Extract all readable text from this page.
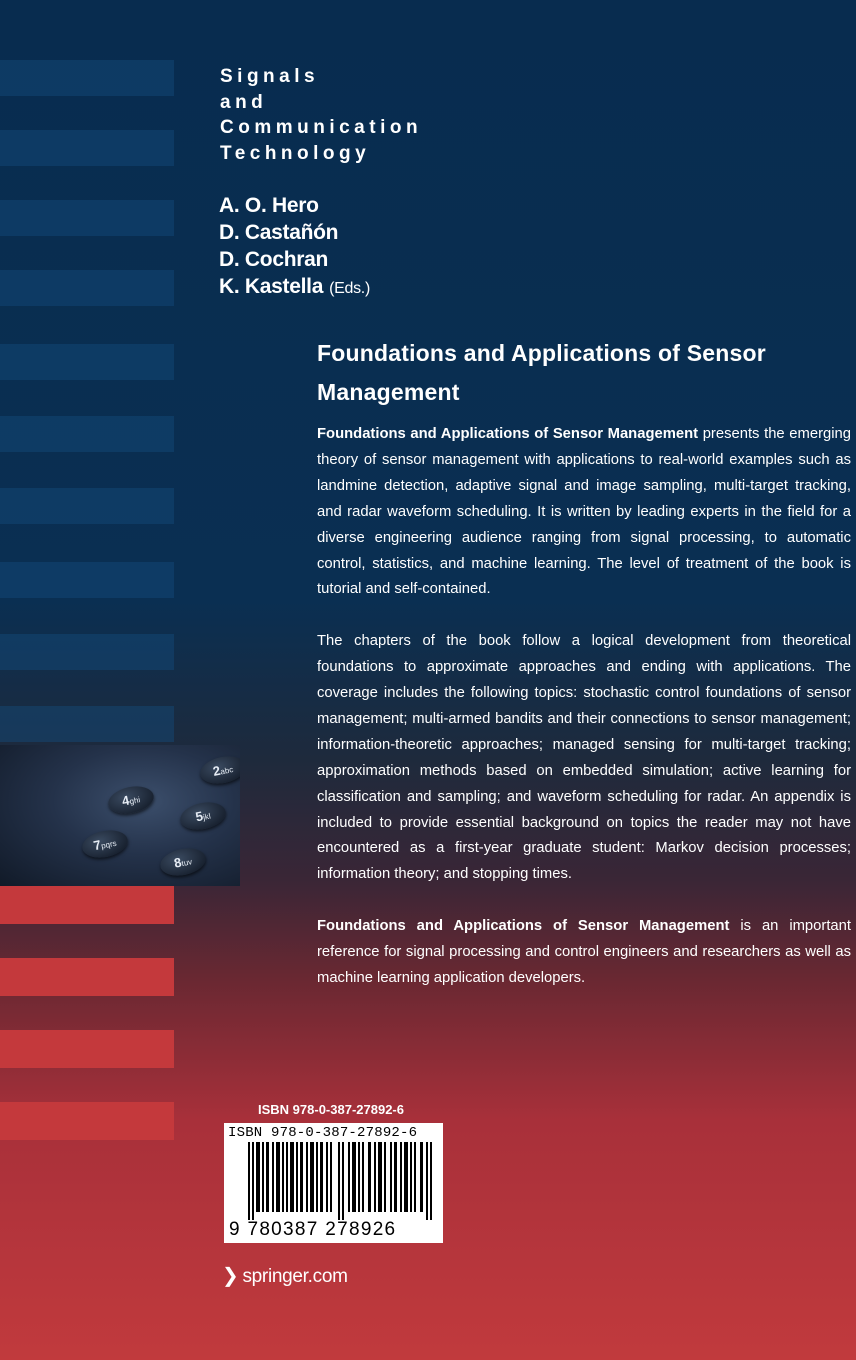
2abc
4ghi
5jkl
7pqrs
8tuv
Signals
and
Communication
Technology
A. O. Hero
D. Castañón
D. Cochran
K. Kastella (Eds.)
Foundations and Applications of Sensor Management

Foundations and Applications of Sensor Management presents the emerging theory of sensor management with applications to real-world examples such as landmine detection, adaptive signal and image sampling, multi-target tracking, and radar waveform scheduling. It is written by leading experts in the field for a diverse engineering audience ranging from signal processing, to automatic control, statistics, and machine learning. The level of treatment of the book is tutorial and self-contained.

The chapters of the book follow a logical development from theoretical foundations to approximate approaches and ending with applications. The coverage includes the following topics: stochastic control foundations of sensor management; multi-armed bandits and their connections to sensor management; information-theoretic approaches; managed sensing for multi-target tracking; approximation methods based on embedded simulation; active learning for classification and sampling; and waveform scheduling for radar. An appendix is included to provide essential background on topics the reader may not have encountered as a first-year graduate student: Markov decision processes; information theory; and stopping times.

Foundations and Applications of Sensor Management is an important reference for signal processing and control engineers and researchers as well as machine learning application developers.

ISBN 978-0-387-27892-6
ISBN 978-0-387-27892-6
9 780387 278926
❯ springer.com
